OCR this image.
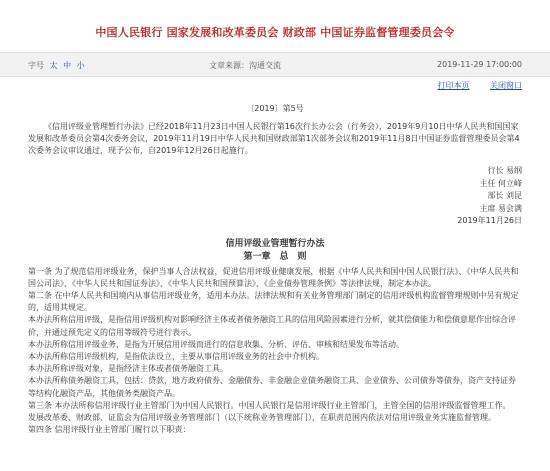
中国人民银行 国家发展和改革委员会 财政部 中国证券监督管理委员会令
字号 太 中 小	文章来源：沟通交流	2019-11-29 17:00:00
打印本页	关闭窗口

〔2019〕第5号

《信用评级业管理暂行办法》已经2018年11月23日中国人民银行第16次行长办公会（行务会），2019年9月10日中华人民共和国国家发展和改革委员会第4次委务会议，2019年11月19日中华人民共和国财政部第1次部务会议和2019年11月8日中国证券监督管理委员会第4次委务会议审议通过，现予公布，自2019年12月26日起施行。

行长 易纲

主任 何立峰

部长 刘昆

主席 易会满

2019年11月26日

信用评级业管理暂行办法

第一章　总　则

第一条 为了规范信用评级业务，保护当事人合法权益，促进信用评级业健康发展，根据《中华人民共和国中国人民银行法》、《中华人民共和国公司法》、《中华人民共和国证券法》、《中华人民共和国预算法》、《企业债券管理条例》等法律法规，制定本办法。

第二条 在中华人民共和国境内从事信用评级业务，适用本办法。法律法规和有关业务管理部门制定的信用评级机构监督管理规则中另有规定的，适用其规定。

本办法所称信用评级，是指信用评级机构对影响经济主体或者债务融资工具的信用风险因素进行分析，就其偿债能力和偿债意愿作出综合评价，并通过预先定义的信用等级符号进行表示。

本办法所称信用评级业务，是指为开展信用评级而进行的信息收集、分析、评估、审核和结果发布等活动。

本办法所称信用评级机构，是指依法设立，主要从事信用评级业务的社会中介机构。

本办法所称评级对象，是指经济主体或者债务融资工具。

本办法所称债务融资工具，包括：贷款，地方政府债券、金融债券、非金融企业债务融资工具、企业债券、公司债券等债券，资产支持证券等结构化融资产品，其他债务类融资产品。

第三条 本办法所称信用评级行业主管部门为中国人民银行。中国人民银行是信用评级行业主管部门，主管全国的信用评级监督管理工作。

发展改革委、财政部、证监会为信用评级业务管理部门（以下统称业务管理部门），在职责范围内依法对信用评级业务实施监督管理。

第四条 信用评级行业主管部门履行以下职责：
